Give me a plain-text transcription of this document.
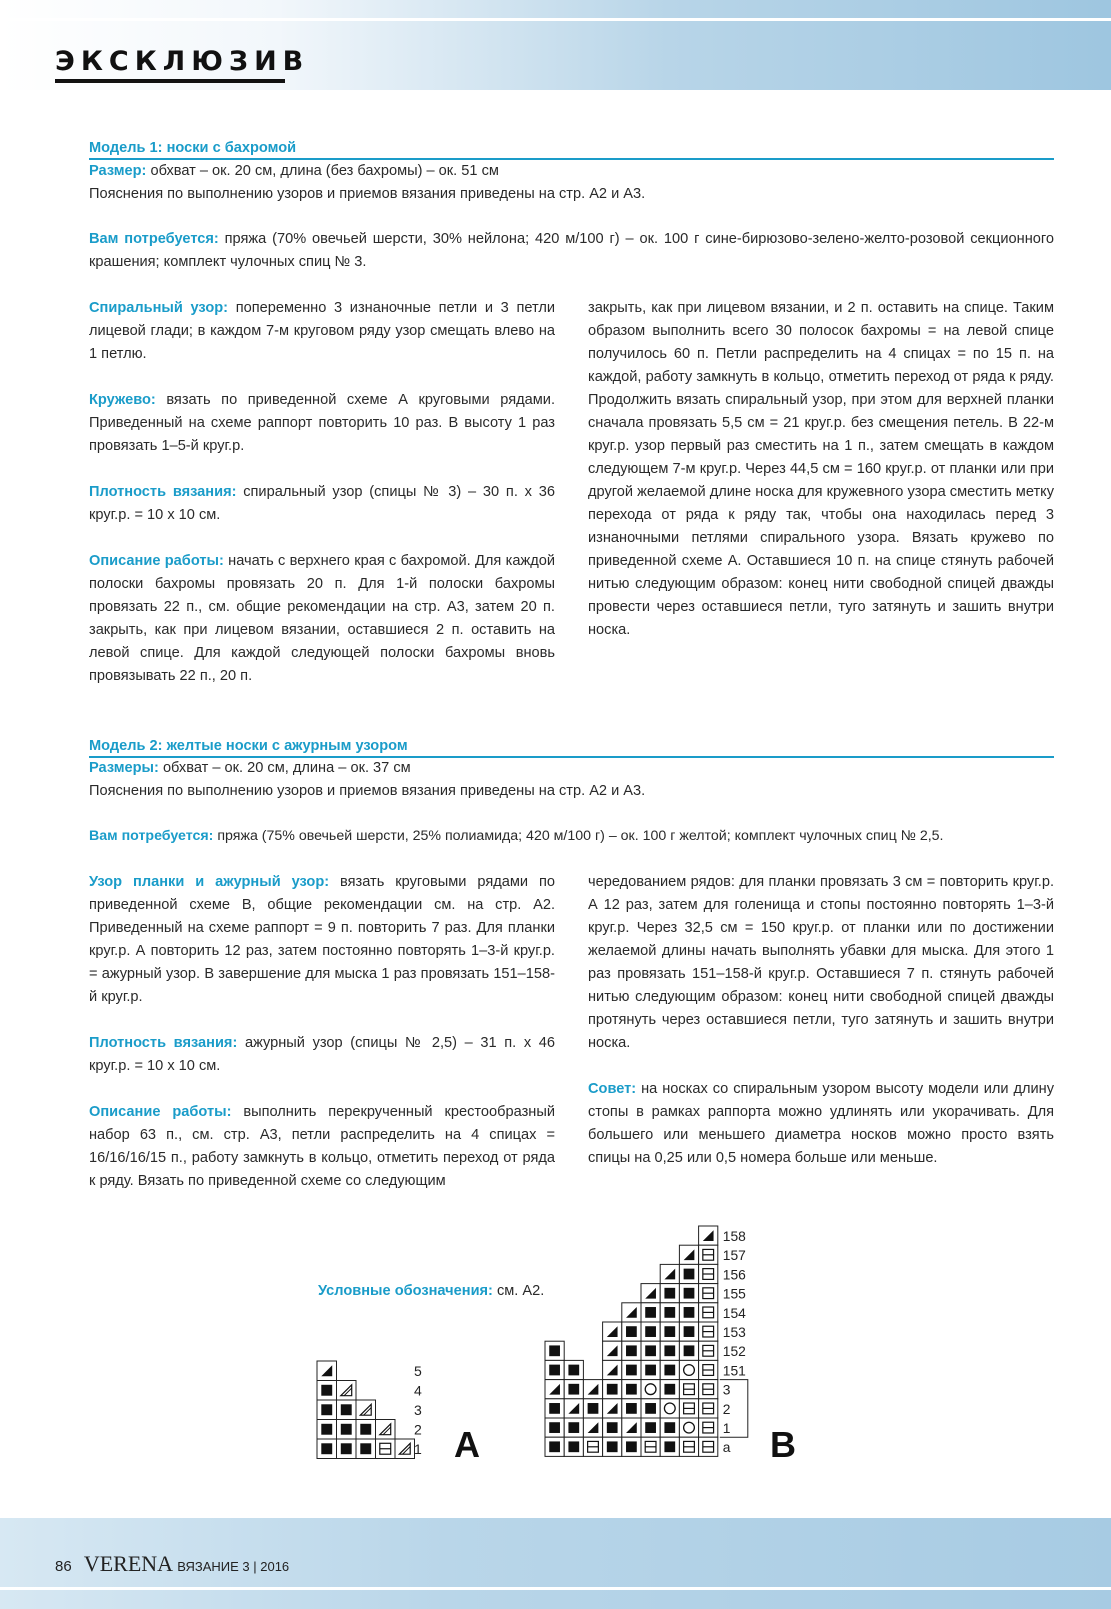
ЭКСКЛЮЗИВ
Модель 1: носки с бахромой
Размер: обхват – ок. 20 см, длина (без бахромы) – ок. 51 см
Пояснения по выполнению узоров и приемов вязания приведены на стр. А2 и А3.
Вам потребуется: пряжа (70% овечьей шерсти, 30% нейлона; 420 м/100 г) – ок. 100 г сине-бирюзово-зелено-желто-розовой секционного крашения; комплект чулочных спиц № 3.

Спиральный узор: попеременно 3 изнаночные петли и 3 петли лицевой глади; в каждом 7-м круговом ряду узор смещать влево на 1 петлю.

Кружево: вязать по приведенной схеме А круговыми рядами. Приведенный на схеме раппорт повторить 10 раз. В высоту 1 раз провязать 1–5-й круг.р.

Плотность вязания: спиральный узор (спицы № 3) – 30 п. х 36 круг.р. = 10 х 10 см.

Описание работы: начать с верхнего края с бахромой. Для каждой полоски бахромы провязать 20 п. Для 1-й полоски бахромы провязать 22 п., см. общие рекомендации на стр. А3, затем 20 п. закрыть, как при лицевом вязании, оставшиеся 2 п. оставить на левой спице. Для каждой следующей полоски бахромы вновь провязывать 22 п., 20 п.

закрыть, как при лицевом вязании, и 2 п. оставить на спице. Таким образом выполнить всего 30 полосок бахромы = на левой спице получилось 60 п. Петли распределить на 4 спицах = по 15 п. на каждой, работу замкнуть в кольцо, отметить переход от ряда к ряду. Продолжить вязать спиральный узор, при этом для верхней планки сначала провязать 5,5 см = 21 круг.р. без смещения петель. В 22-м круг.р. узор первый раз сместить на 1 п., затем смещать в каждом следующем 7-м круг.р. Через 44,5 см = 160 круг.р. от планки или при другой желаемой длине носка для кружевного узора сместить метку перехода от ряда к ряду так, чтобы она находилась перед 3 изнаночными петлями спирального узора. Вязать кружево по приведенной схеме А. Оставшиеся 10 п. на спице стянуть рабочей нитью следующим образом: конец нити свободной спицей дважды провести через оставшиеся петли, туго затянуть и зашить внутри носка.

Модель 2: желтые носки с ажурным узором
Размеры: обхват – ок. 20 см, длина – ок. 37 см
Пояснения по выполнению узоров и приемов вязания приведены на стр. А2 и А3.
Вам потребуется: пряжа (75% овечьей шерсти, 25% полиамида; 420 м/100 г) – ок. 100 г желтой; комплект чулочных спиц № 2,5.

Узор планки и ажурный узор: вязать круговыми рядами по приведенной схеме В, общие рекомендации см. на стр. А2. Приведенный на схеме раппорт = 9 п. повторить 7 раз. Для планки круг.р. А повторить 12 раз, затем постоянно повторять 1–3-й круг.р. = ажурный узор. В завершение для мыска 1 раз провязать 151–158-й круг.р.

Плотность вязания: ажурный узор (спицы № 2,5) – 31 п. х 46 круг.р. = 10 х 10 см.

Описание работы: выполнить перекрученный крестообразный набор 63 п., см. стр. А3, петли распределить на 4 спицах = 16/16/16/15 п., работу замкнуть в кольцо, отметить переход от ряда к ряду. Вязать по приведенной схеме со следующим

чередованием рядов: для планки провязать 3 см = повторить круг.р. А 12 раз, затем для голенища и стопы постоянно повторять 1–3-й круг.р. Через 32,5 см = 150 круг.р. от планки или по достижении желаемой длины начать выполнять убавки для мыска. Для этого 1 раз провязать 151–158-й круг.р. Оставшиеся 7 п. стянуть рабочей нитью следующим образом: конец нити свободной спицей дважды протянуть через оставшиеся петли, туго затянуть и зашить внутри носка.

Совет: на носках со спиральным узором высоту модели или длину стопы в рамках раппорта можно удлинять или укорачивать. Для большего или меньшего диаметра носков можно просто взять спицы на 0,25 или 0,5 номера больше или меньше.

Условные обозначения: см. А2.
5
4
3
2
1 A
158
157
156
155
154
153
152
151
3
2
1
a B
86 VERENA ВЯЗАНИЕ 3 | 2016
